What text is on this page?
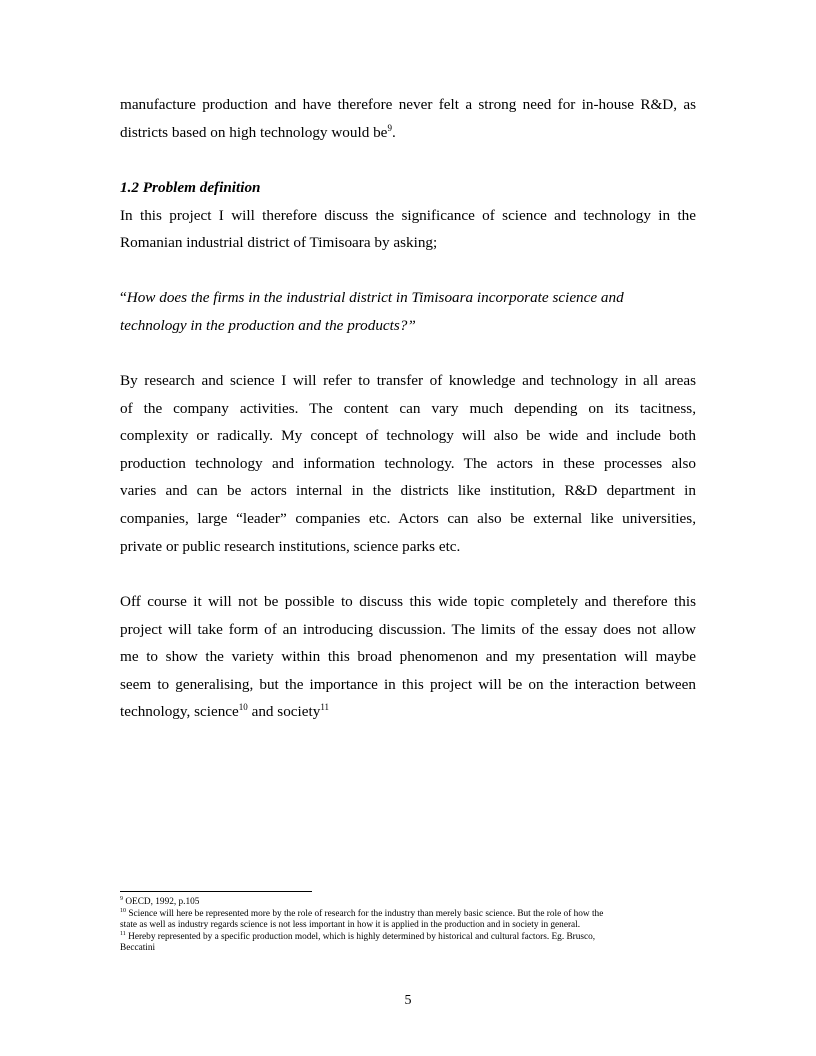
manufacture production and have therefore never felt a strong need for in-house R&D, as
districts based on high technology would $be^9$.
1.2 Problem definition
In this project I will therefore discuss the significance of science and technology in the
Romanian industrial district of Timisoara by asking;
“How does the firms in the industrial district in Timisoara incorporate science and
technology in the production and the products?”
By research and science I will refer to transfer of knowledge and technology in all areas
of the company activities. The content can vary much depending on its tacitness,
complexity or radically. My concept of technology will also be wide and include both
production technology and information technology. The actors in these processes also
varies and can be actors internal in the districts like institution, R&D department in
companies, large “leader” companies etc. Actors can also be external like universities,
private or public research institutions, science parks etc.
Off course it will not be possible to discuss this wide topic completely and therefore this
project will take form of an introducing discussion. The limits of the essay does not allow
me to show the variety within this broad phenomenon and my presentation will maybe
seem to generalising, but the importance in this project will be on the interaction between
technology, science$^{10}$ and society$^{11}$
$^9$ OECD, 1992, p.105
$^{10}$ Science will here be represented more by the role of research for the industry than merely basic science. But the role of how the
state as well as industry regards science is not less important in how it is applied in the production and in society in general.
$^{11}$ Hereby represented by a specific production model, which is highly determined by historical and cultural factors. Eg. Brusco,
Beccatini
5
